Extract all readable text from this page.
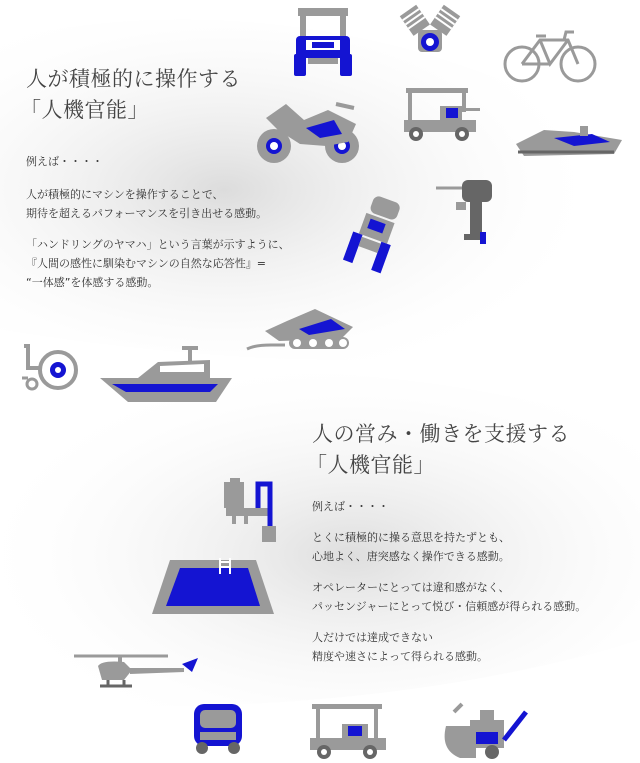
人が積極的に操作する
「人機官能」

例えば・・・・

人が積極的にマシンを操作することで、
期待を超えるパフォーマンスを引き出せる感動。

「ハンドリングのヤマハ」という言葉が示すように、
『人間の感性に馴染むマシンの自然な応答性』=
“一体感”を体感する感動。

人の営み・働きを支援する
「人機官能」

例えば・・・・

とくに積極的に操る意思を持たずとも、
心地よく、唐突感なく操作できる感動。

オペレーターにとっては違和感がなく、
パッセンジャーにとって悦び・信頼感が得られる感動。

人だけでは達成できない
精度や速さによって得られる感動。
